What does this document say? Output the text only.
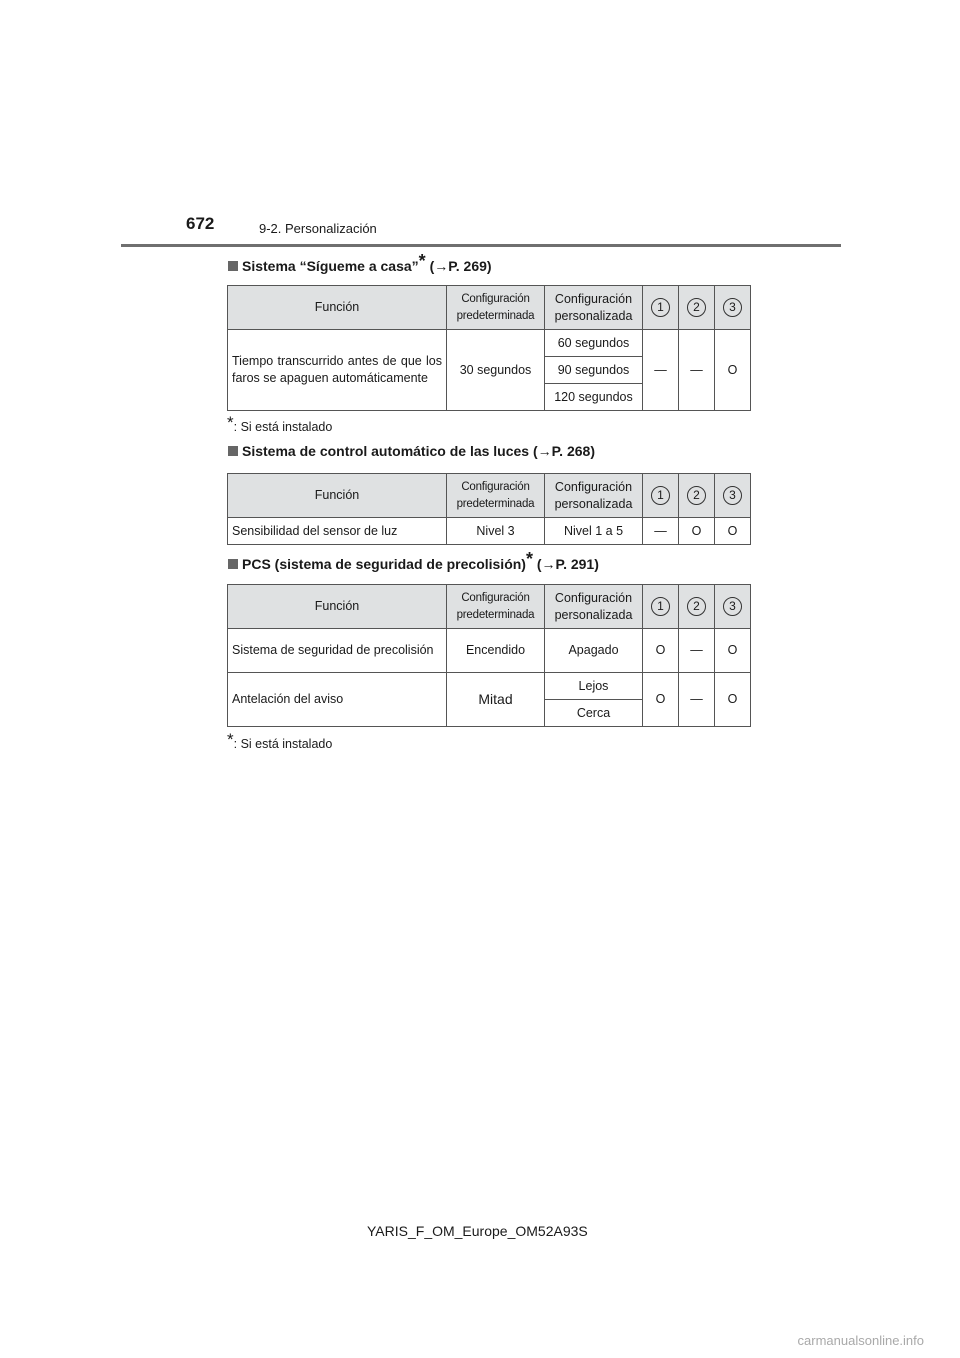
672	9-2. Personalización
Sistema “Sígueme a casa”* (→P. 269)
Función	Configuración predeterminada	Configuración personalizada	1	2	3
Tiempo transcurrido antes de que los faros se apaguen automáticamente	30 segundos	60 segundos	—	—	O
		90 segundos			
		120 segundos			
*: Si está instalado
Sistema de control automático de las luces (→P. 268)
Función	Configuración predeterminada	Configuración personalizada	1	2	3
Sensibilidad del sensor de luz	Nivel 3	Nivel 1 a 5	—	O	O
PCS (sistema de seguridad de precolisión)* (→P. 291)
Función	Configuración predeterminada	Configuración personalizada	1	2	3
Sistema de seguridad de precolisión	Encendido	Apagado	O	—	O
Antelación del aviso	Mitad	Lejos	O	—	O
		Cerca			
*: Si está instalado
YARIS_F_OM_Europe_OM52A93S
carmanualsonline.info
